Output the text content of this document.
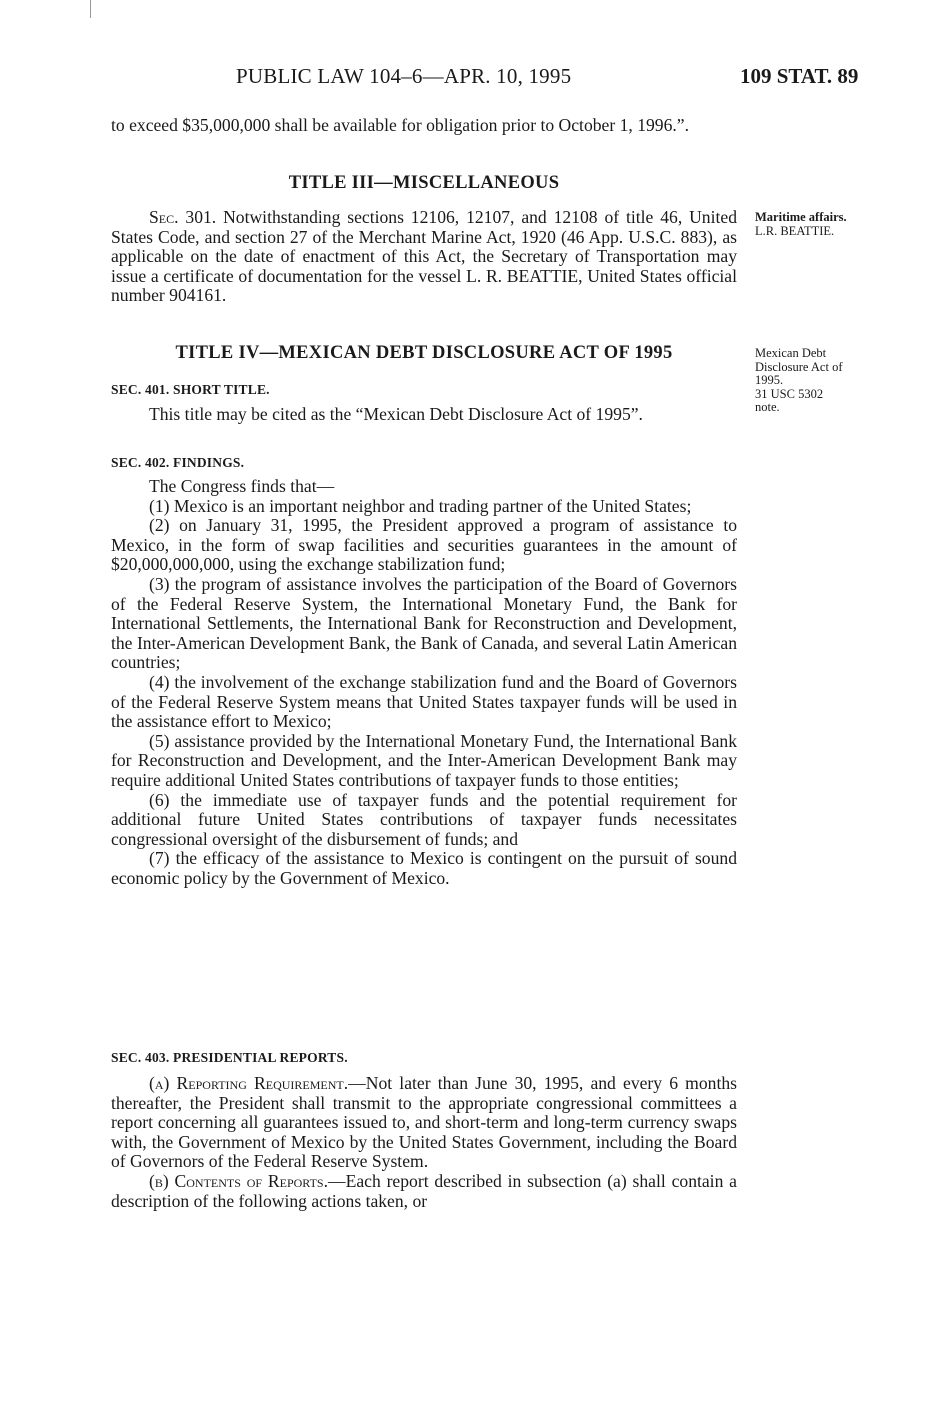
PUBLIC LAW 104–6—APR. 10, 1995	109 STAT. 89

to exceed $35,000,000 shall be available for obligation prior to October 1, 1996.”.

TITLE III—MISCELLANEOUS

Sec. 301. Notwithstanding sections 12106, 12107, and 12108 of title 46, United States Code, and section 27 of the Merchant Marine Act, 1920 (46 App. U.S.C. 883), as applicable on the date of enactment of this Act, the Secretary of Transportation may issue a certificate of documentation for the vessel L. R. BEATTIE, United States official number 904161.

Maritime affairs.
L.R. BEATTIE.
TITLE IV—MEXICAN DEBT DISCLOSURE ACT OF 1995	Mexican Debt
Disclosure Act of
1995.
31 USC 5302
note.
SEC. 401. SHORT TITLE.

This title may be cited as the “Mexican Debt Disclosure Act of 1995”.

SEC. 402. FINDINGS.

The Congress finds that—

(1) Mexico is an important neighbor and trading partner of the United States;

(2) on January 31, 1995, the President approved a program of assistance to Mexico, in the form of swap facilities and securities guarantees in the amount of $20,000,000,000, using the exchange stabilization fund;

(3) the program of assistance involves the participation of the Board of Governors of the Federal Reserve System, the International Monetary Fund, the Bank for International Settlements, the International Bank for Reconstruction and Development, the Inter-American Development Bank, the Bank of Canada, and several Latin American countries;

(4) the involvement of the exchange stabilization fund and the Board of Governors of the Federal Reserve System means that United States taxpayer funds will be used in the assistance effort to Mexico;

(5) assistance provided by the International Monetary Fund, the International Bank for Reconstruction and Development, and the Inter-American Development Bank may require additional United States contributions of taxpayer funds to those entities;

(6) the immediate use of taxpayer funds and the potential requirement for additional future United States contributions of taxpayer funds necessitates congressional oversight of the disbursement of funds; and

(7) the efficacy of the assistance to Mexico is contingent on the pursuit of sound economic policy by the Government of Mexico.

SEC. 403. PRESIDENTIAL REPORTS.

(a) Reporting Requirement.—Not later than June 30, 1995, and every 6 months thereafter, the President shall transmit to the appropriate congressional committees a report concerning all guarantees issued to, and short-term and long-term currency swaps with, the Government of Mexico by the United States Government, including the Board of Governors of the Federal Reserve System.

(b) Contents of Reports.—Each report described in subsection (a) shall contain a description of the following actions taken, or
